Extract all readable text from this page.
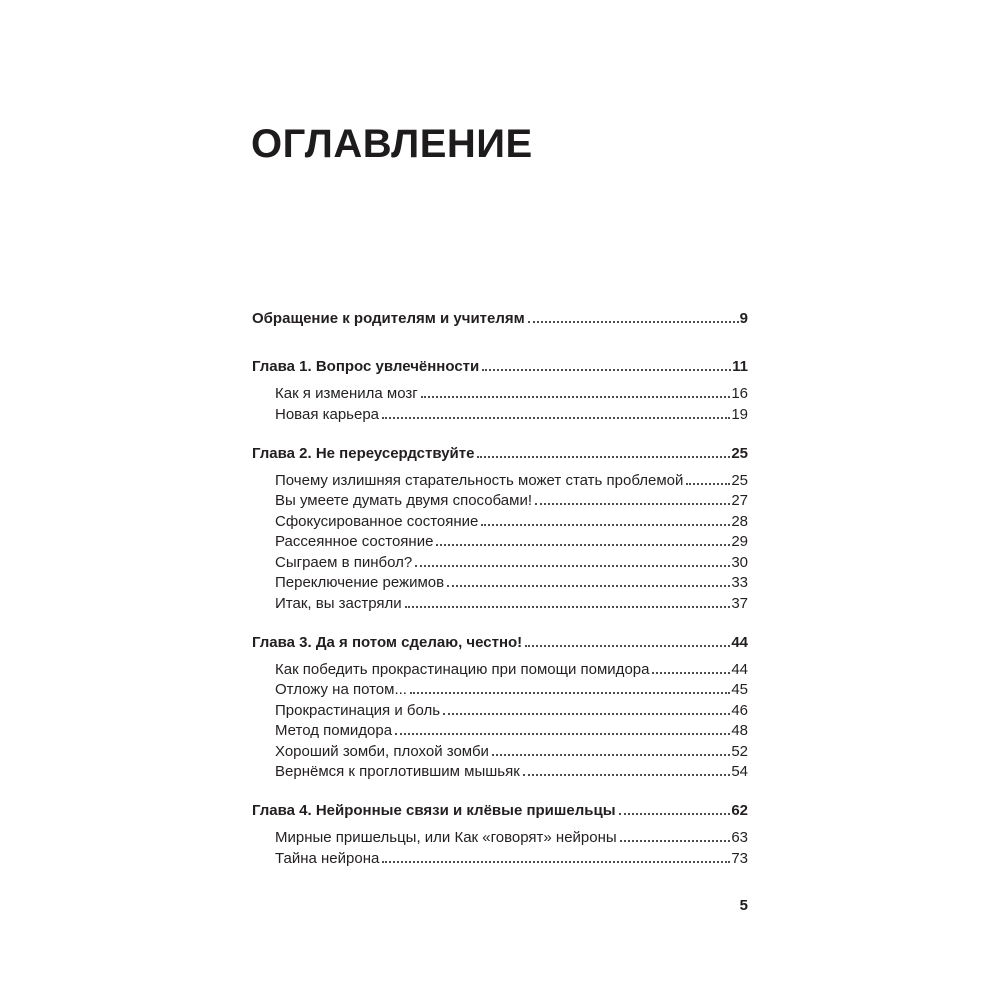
ОГЛАВЛЕНИЕ
Обращение к родителям и учителям	9
Глава 1. Вопрос увлечённости	11
Как я изменила мозг	16
Новая карьера	19
Глава 2. Не переусердствуйте	25
Почему излишняя старательность может стать проблемой	25
Вы умеете думать двумя способами!	27
Сфокусированное состояние	28
Рассеянное состояние	29
Сыграем в пинбол?	30
Переключение режимов	33
Итак, вы застряли	37
Глава 3. Да я потом сделаю, честно!	44
Как победить прокрастинацию при помощи помидора	44
Отложу на потом...	45
Прокрастинация и боль	46
Метод помидора	48
Хороший зомби, плохой зомби	52
Вернёмся к проглотившим мышьяк	54
Глава 4. Нейронные связи и клёвые пришельцы	62
Мирные пришельцы, или Как «говорят» нейроны	63
Тайна нейрона	73
5
